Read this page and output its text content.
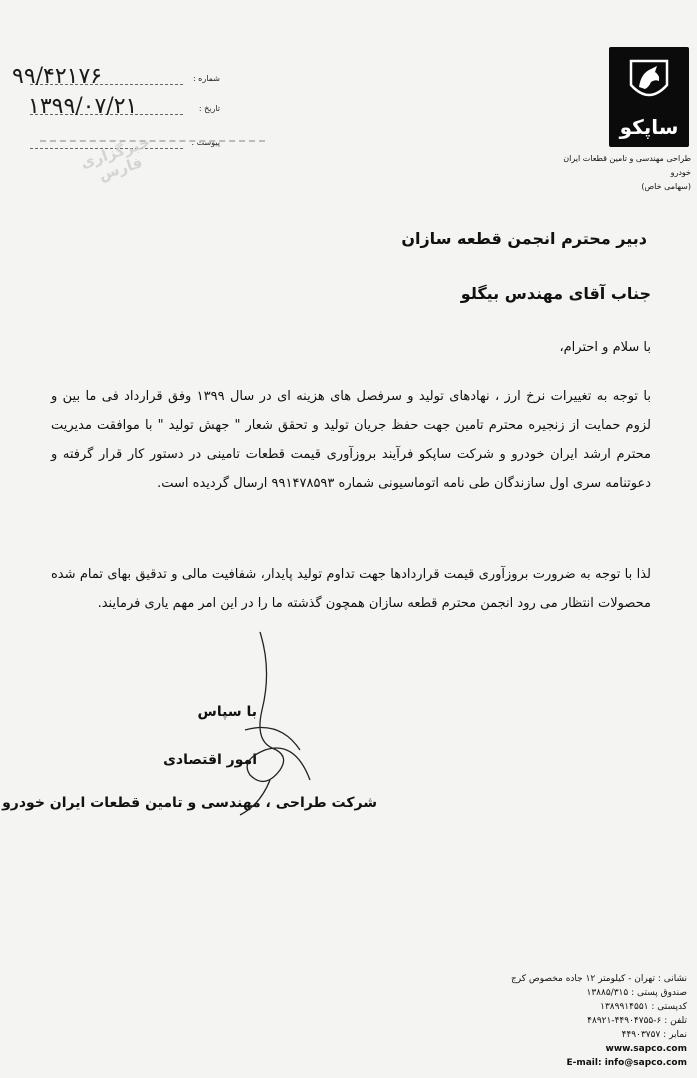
شماره :
تاریخ :
پیوست :
۹۹/۴۲۱۷۶
۱۳۹۹/۰۷/۲۱
خبرگزاری فارس
ساپکو
طراحی مهندسی و تامین قطعات ایران خودرو
(سهامی خاص)
دبیر محترم انجمن قطعه سازان
جناب آقای مهندس بیگلو
با سلام و احترام،
با توجه به تغییرات نرخ ارز ، نهادهای تولید و سرفصل های هزینه ای در سال ۱۳۹۹ وفق قرارداد فی ما بین و لزوم حمایت از زنجیره محترم تامین جهت حفظ جریان تولید و تحقق شعار " جهش تولید " با موافقت مدیریت محترم ارشد ایران خودرو و شرکت ساپکو فرآیند بروزآوری قیمت قطعات تامینی در دستور کار قرار گرفته و دعوتنامه سری اول سازندگان طی نامه اتوماسیونی شماره ۹۹۱۴۷۸۵۹۳ ارسال گردیده است.
لذا با توجه به ضرورت بروزآوری قیمت قراردادها جهت تداوم تولید پایدار، شفافیت مالی و تدقیق بهای تمام شده محصولات انتظار می رود انجمن محترم قطعه سازان همچون گذشته ما را در این امر مهم یاری فرمایند.
با سپاس
امور اقتصادی
شرکت طراحی ، مهندسی و تامین قطعات ایران خودرو
نشانی : تهران - کیلومتر ۱۲ جاده مخصوص کرج
صندوق پستی : ۱۳۸۸۵/۳۱۵
کدپستی : ۱۳۸۹۹۱۴۵۵۱
تلفن : ۶-۴۴۹۰۴۷۵۵-۴۸۹۲۱
نمابر : ۴۴۹۰۳۷۵۷
www.sapco.com
E-mail: info@sapco.com
